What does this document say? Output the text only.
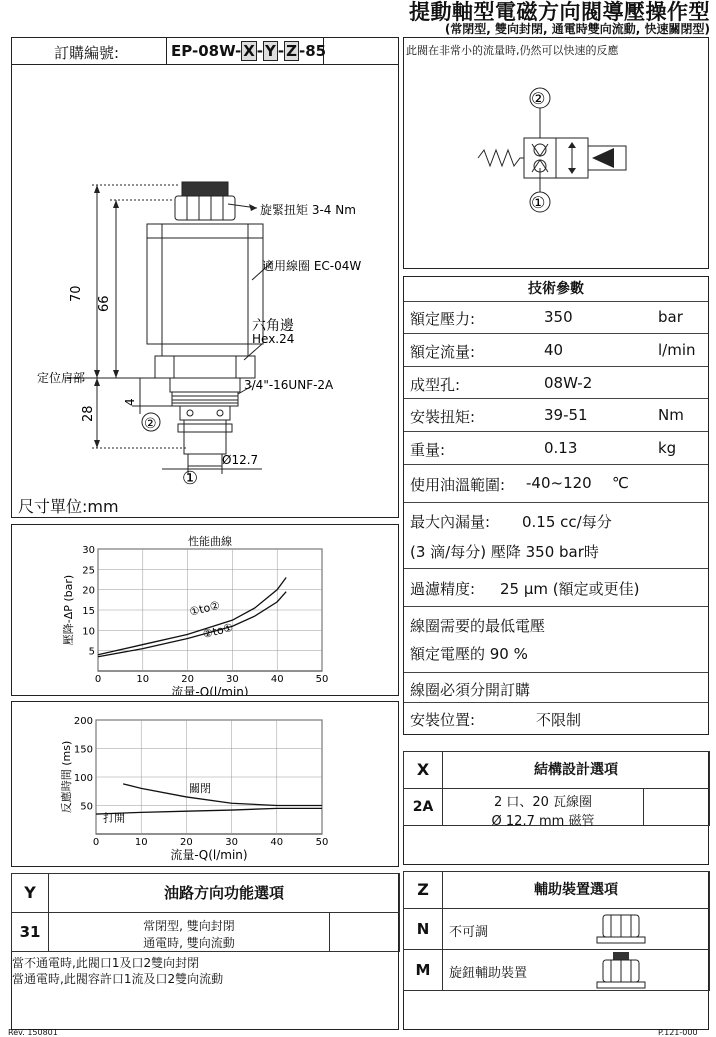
提動軸型電磁方向閥導壓操作型
(常閉型, 雙向封閉, 通電時雙向流動, 快速關閉型)
訂購編號:	EP-08W- X - Y - Z -85
70
66
28
4
旋緊扭矩 3-4 Nm
適用線圈 EC-04W
六角邊
Hex.24
3/4"-16UNF-2A
定位肩部
②
Ø12.7
①
尺寸單位:mm
0	10	20	30	40	50
5
10
15
20
25
30
性能曲線
流量-Q(l/min)
壓降-ΔP (bar)	①to②
②to①
0	10	20	30	40	50
50
100
150
200
流量-Q(l/min)
反應時間 (ms)	關閉
打開
Y	油路方向功能選項
31	常閉型, 雙向封閉
通電時, 雙向流動
當不通電時,此閥口1及口2雙向封閉
當通電時,此閥容許口1流及口2雙向流動
此閥在非常小的流量時,仍然可以快速的反應
②
①
技術參數
額定壓力:	350	bar
額定流量:	40	l/min
成型孔:	08W-2
安裝扭矩:	39-51	Nm
重量:	0.13	kg
使用油溫範圍: -40~120 ℃
最大內漏量: 0.15 cc/每分
(3 滴/每分) 壓降 350 bar時
過濾精度: 25 μm (額定或更佳)
線圈需要的最低電壓
額定電壓的 90 %
線圈必須分開訂購
安裝位置:	不限制
X	結構設計選項
2A	2 口、20 瓦線圈
Ø 12.7 mm 磁管
Z	輔助裝置選項
N	不可調
M	旋鈕輔助裝置
Rev. 150801	P.121-000
